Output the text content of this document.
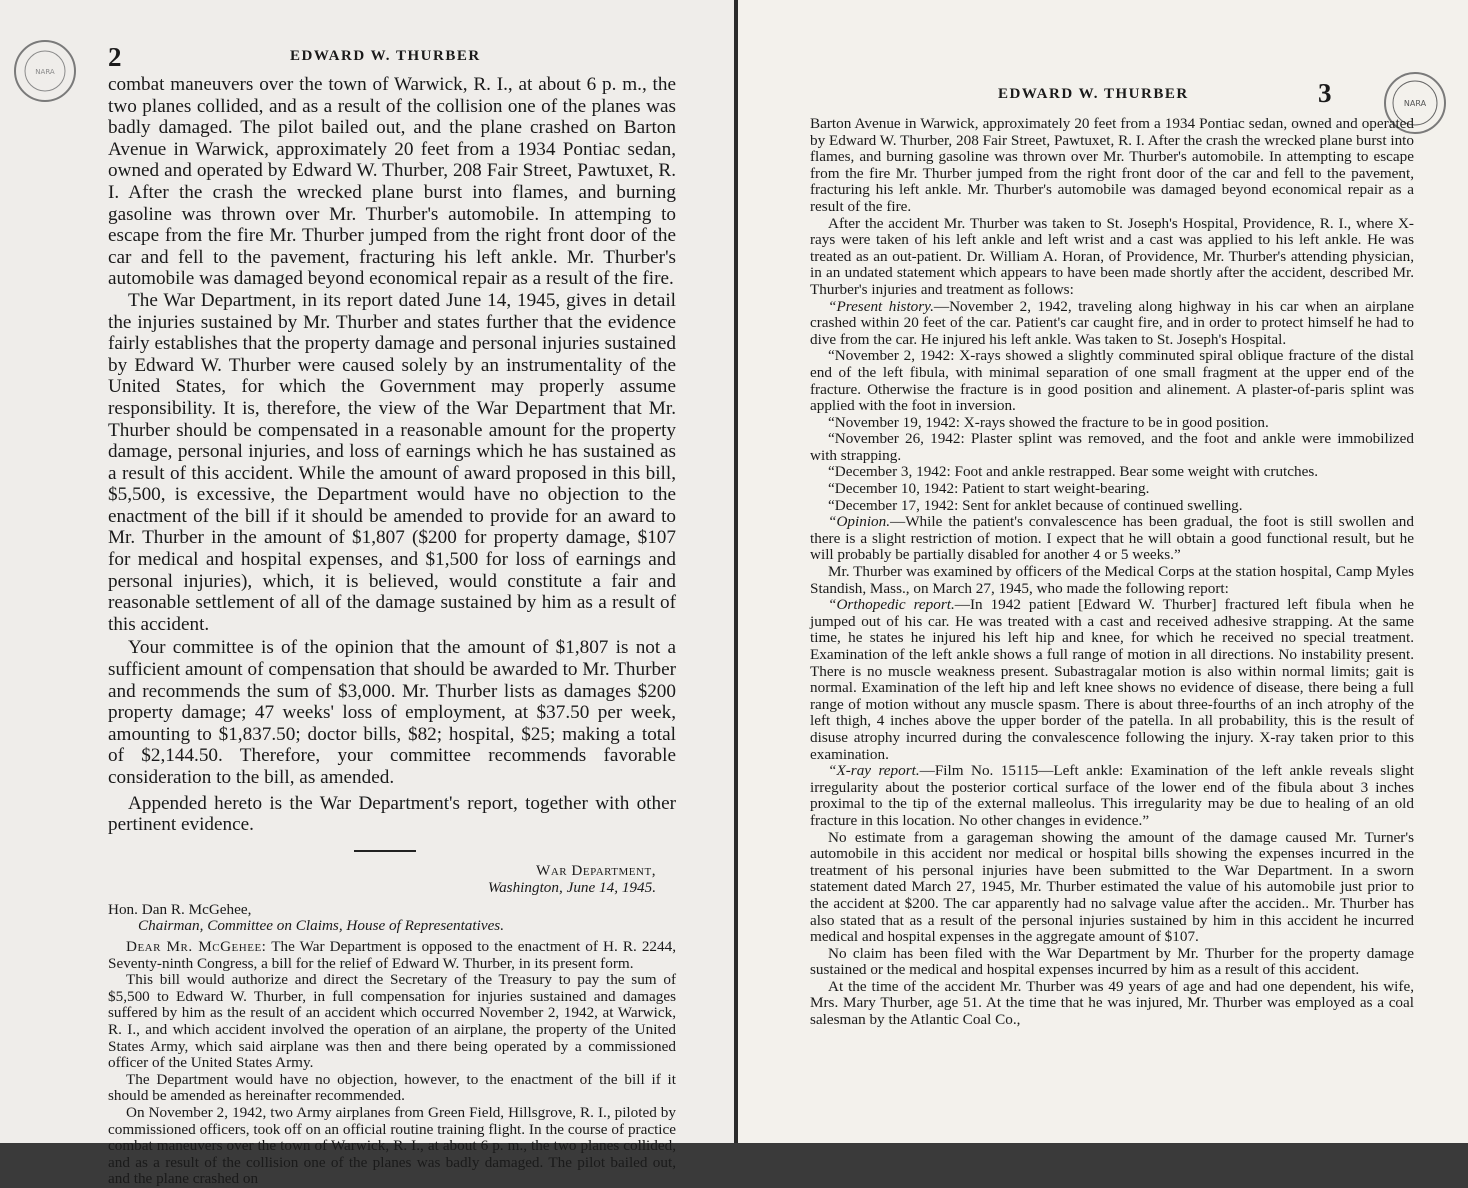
NARA 2	EDWARD W. THURBER

combat maneuvers over the town of Warwick, R. I., at about 6 p. m., the two planes collided, and as a result of the collision one of the planes was badly damaged. The pilot bailed out, and the plane crashed on Barton Avenue in Warwick, approximately 20 feet from a 1934 Pontiac sedan, owned and operated by Edward W. Thurber, 208 Fair Street, Pawtuxet, R. I. After the crash the wrecked plane burst into flames, and burning gasoline was thrown over Mr. Thurber's automobile. In attemping to escape from the fire Mr. Thurber jumped from the right front door of the car and fell to the pavement, fracturing his left ankle. Mr. Thurber's automobile was damaged beyond economical repair as a result of the fire.

The War Department, in its report dated June 14, 1945, gives in detail the injuries sustained by Mr. Thurber and states further that the evidence fairly establishes that the property damage and personal injuries sustained by Edward W. Thurber were caused solely by an instrumentality of the United States, for which the Government may properly assume responsibility. It is, therefore, the view of the War Department that Mr. Thurber should be compensated in a reasonable amount for the property damage, personal injuries, and loss of earnings which he has sustained as a result of this accident. While the amount of award proposed in this bill, $5,500, is excessive, the Department would have no objection to the enactment of the bill if it should be amended to provide for an award to Mr. Thurber in the amount of $1,807 ($200 for property damage, $107 for medical and hospital expenses, and $1,500 for loss of earnings and personal injuries), which, it is believed, would constitute a fair and reasonable settlement of all of the damage sustained by him as a result of this accident.

Your committee is of the opinion that the amount of $1,807 is not a sufficient amount of compensation that should be awarded to Mr. Thurber and recommends the sum of $3,000. Mr. Thurber lists as damages $200 property damage; 47 weeks' loss of employment, at $37.50 per week, amounting to $1,837.50; doctor bills, $82; hospital, $25; making a total of $2,144.50. Therefore, your committee recommends favorable consideration to the bill, as amended.

Appended hereto is the War Department's report, together with other pertinent evidence.

War Department,
Washington, June 14, 1945.

Hon. Dan R. McGehee,

Chairman, Committee on Claims, House of Representatives.

Dear Mr. McGehee: The War Department is opposed to the enactment of H. R. 2244, Seventy-ninth Congress, a bill for the relief of Edward W. Thurber, in its present form.

This bill would authorize and direct the Secretary of the Treasury to pay the sum of $5,500 to Edward W. Thurber, in full compensation for injuries sustained and damages suffered by him as the result of an accident which occurred November 2, 1942, at Warwick, R. I., and which accident involved the operation of an airplane, the property of the United States Army, which said airplane was then and there being operated by a commissioned officer of the United States Army.

The Department would have no objection, however, to the enactment of the bill if it should be amended as hereinafter recommended.

On November 2, 1942, two Army airplanes from Green Field, Hillsgrove, R. I., piloted by commissioned officers, took off on an official routine training flight. In the course of practice combat maneuvers over the town of Warwick, R. I., at about 6 p. m., the two planes collided, and as a result of the collision one of the planes was badly damaged. The pilot bailed out, and the plane crashed on

EDWARD W. THURBER	3	NARA

Barton Avenue in Warwick, approximately 20 feet from a 1934 Pontiac sedan, owned and operated by Edward W. Thurber, 208 Fair Street, Pawtuxet, R. I. After the crash the wrecked plane burst into flames, and burning gasoline was thrown over Mr. Thurber's automobile. In attempting to escape from the fire Mr. Thurber jumped from the right front door of the car and fell to the pavement, fracturing his left ankle. Mr. Thurber's automobile was damaged beyond economical repair as a result of the fire.

After the accident Mr. Thurber was taken to St. Joseph's Hospital, Providence, R. I., where X-rays were taken of his left ankle and left wrist and a cast was applied to his left ankle. He was treated as an out-patient. Dr. William A. Horan, of Providence, Mr. Thurber's attending physician, in an undated statement which appears to have been made shortly after the accident, described Mr. Thurber's injuries and treatment as follows:

“Present history.—November 2, 1942, traveling along highway in his car when an airplane crashed within 20 feet of the car. Patient's car caught fire, and in order to protect himself he had to dive from the car. He injured his left ankle. Was taken to St. Joseph's Hospital.

“November 2, 1942: X-rays showed a slightly comminuted spiral oblique fracture of the distal end of the left fibula, with minimal separation of one small fragment at the upper end of the fracture. Otherwise the fracture is in good position and alinement. A plaster-of-paris splint was applied with the foot in inversion.

“November 19, 1942: X-rays showed the fracture to be in good position.

“November 26, 1942: Plaster splint was removed, and the foot and ankle were immobilized with strapping.

“December 3, 1942: Foot and ankle restrapped. Bear some weight with crutches.

“December 10, 1942: Patient to start weight-bearing.

“December 17, 1942: Sent for anklet because of continued swelling.

“Opinion.—While the patient's convalescence has been gradual, the foot is still swollen and there is a slight restriction of motion. I expect that he will obtain a good functional result, but he will probably be partially disabled for another 4 or 5 weeks.”

Mr. Thurber was examined by officers of the Medical Corps at the station hospital, Camp Myles Standish, Mass., on March 27, 1945, who made the following report:

“Orthopedic report.—In 1942 patient [Edward W. Thurber] fractured left fibula when he jumped out of his car. He was treated with a cast and received adhesive strapping. At the same time, he states he injured his left hip and knee, for which he received no special treatment. Examination of the left ankle shows a full range of motion in all directions. No instability present. There is no muscle weakness present. Subastragalar motion is also within normal limits; gait is normal. Examination of the left hip and left knee shows no evidence of disease, there being a full range of motion without any muscle spasm. There is about three-fourths of an inch atrophy of the left thigh, 4 inches above the upper border of the patella. In all probability, this is the result of disuse atrophy incurred during the convalescence following the injury. X-ray taken prior to this examination.

“X-ray report.—Film No. 15115—Left ankle: Examination of the left ankle reveals slight irregularity about the posterior cortical surface of the lower end of the fibula about 3 inches proximal to the tip of the external malleolus. This irregularity may be due to healing of an old fracture in this location. No other changes in evidence.”

No estimate from a garageman showing the amount of the damage caused Mr. Turner's automobile in this accident nor medical or hospital bills showing the expenses incurred in the treatment of his personal injuries have been submitted to the War Department. In a sworn statement dated March 27, 1945, Mr. Thurber estimated the value of his automobile just prior to the accident at $200. The car apparently had no salvage value after the acciden.. Mr. Thurber has also stated that as a result of the personal injuries sustained by him in this accident he incurred medical and hospital expenses in the aggregate amount of $107.

No claim has been filed with the War Department by Mr. Thurber for the property damage sustained or the medical and hospital expenses incurred by him as a result of this accident.

At the time of the accident Mr. Thurber was 49 years of age and had one dependent, his wife, Mrs. Mary Thurber, age 51. At the time that he was injured, Mr. Thurber was employed as a coal salesman by the Atlantic Coal Co.,
